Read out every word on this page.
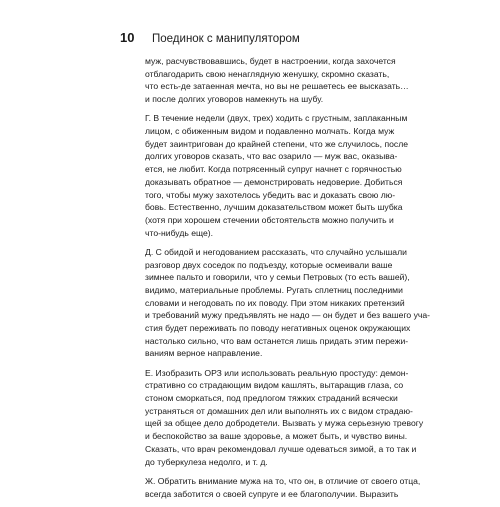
10	Поединок с манипулятором

муж, расчувствовавшись, будет в настроении, когда захочется
отблагодарить свою ненаглядную женушку, скромно сказать,
что есть-де затаенная мечта, но вы не решаетесь ее высказать…
и после долгих уговоров намекнуть на шубу.

Г. В течение недели (двух, трех) ходить с грустным, заплаканным
лицом, с обиженным видом и подавленно молчать. Когда муж
будет заинтригован до крайней степени, что же случилось, после
долгих уговоров сказать, что вас озарило — муж вас, оказыва-
ется, не любит. Когда потрясенный супруг начнет с горячностью
доказывать обратное — демонстрировать недоверие. Добиться
того, чтобы мужу захотелось убедить вас и доказать свою лю-
бовь. Естественно, лучшим доказательством может быть шубка
(хотя при хорошем стечении обстоятельств можно получить и
что-нибудь еще).

Д. С обидой и негодованием рассказать, что случайно услышали
разговор двух соседок по подъезду, которые осмеивали ваше
зимнее пальто и говорили, что у семьи Петровых (то есть вашей),
видимо, материальные проблемы. Ругать сплетниц последними
словами и негодовать по их поводу. При этом никаких претензий
и требований мужу предъявлять не надо — он будет и без вашего уча-
стия будет переживать по поводу негативных оценок окружающих
настолько сильно, что вам останется лишь придать этим пережи-
ваниям верное направление.

Е. Изобразить ОРЗ или использовать реальную простуду: демон-
стративно со страдающим видом кашлять, вытаращив глаза, со
стоном сморкаться, под предлогом тяжких страданий всячески
устраняться от домашних дел или выполнять их с видом страдаю-
щей за общее дело добродетели. Вызвать у мужа серьезную тревогу
и беспокойство за ваше здоровье, а может быть, и чувство вины.
Сказать, что врач рекомендовал лучше одеваться зимой, а то так и
до туберкулеза недолго, и т. д.

Ж. Обратить внимание мужа на то, что он, в отличие от своего отца,
всегда заботится о своей супруге и ее благополучии. Выразить
